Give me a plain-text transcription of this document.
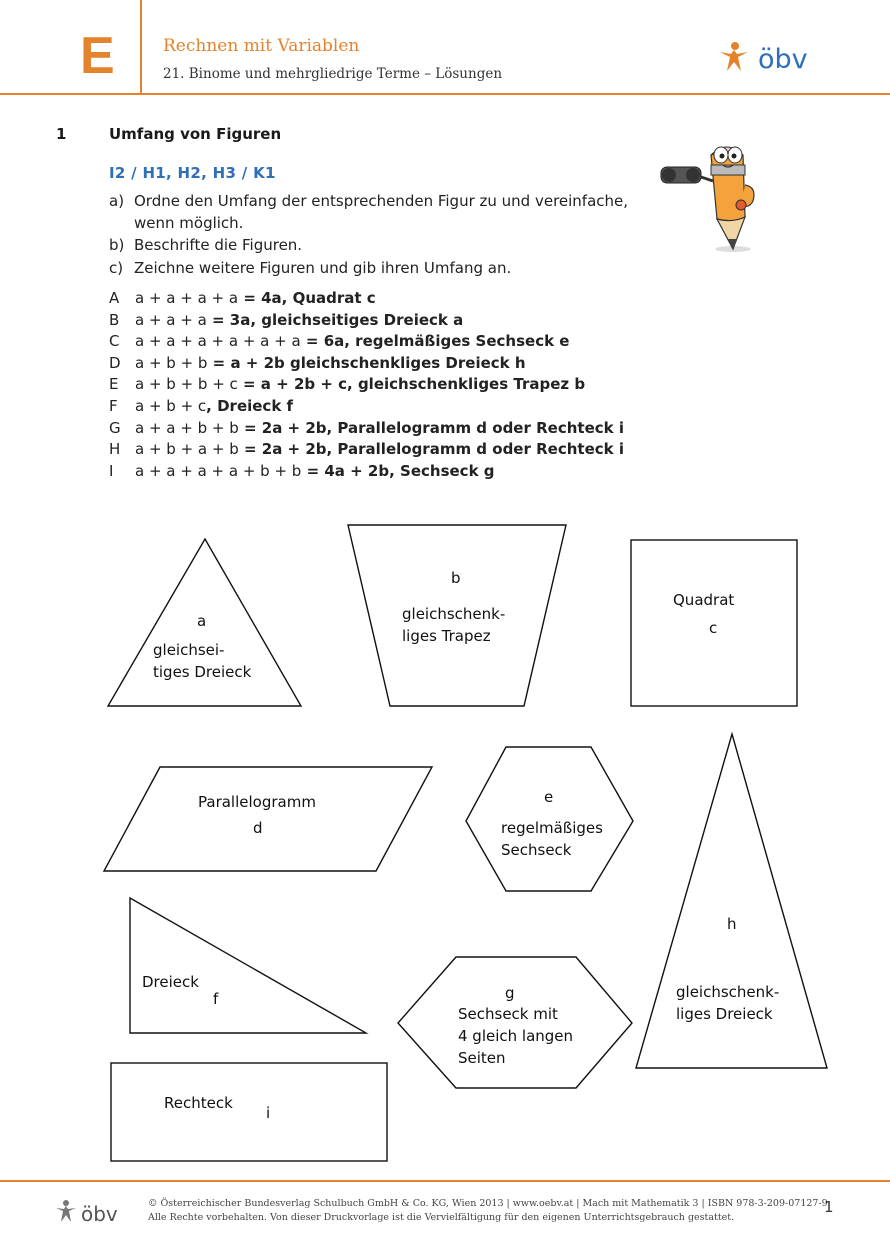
E	Rechnen mit Variablen
21. Binome und mehrgliedrige Terme – Lösungen	öbv
1	Umfang von Figuren
I2 / H1, H2, H3 / K1
a) Ordne den Umfang der entsprechenden Figur zu und vereinfache,
wenn möglich.
b) Beschrifte die Figuren.
c) Zeichne weitere Figuren und gib ihren Umfang an.
A a + a + a + a = 4a, Quadrat c
B a + a + a = 3a, gleichseitiges Dreieck a
C a + a + a + a + a + a = 6a, regelmäßiges Sechseck e
D a + b + b = a + 2b gleichschenkliges Dreieck h
E a + b + b + c = a + 2b + c, gleichschenkliges Trapez b
F a + b + c, Dreieck f
G a + a + b + b = 2a + 2b, Parallelogramm d oder Rechteck i
H a + b + a + b = 2a + 2b, Parallelogramm d oder Rechteck i
I a + a + a + a + b + b = 4a + 2b, Sechseck g
a
gleichsei-
tiges Dreieck
b
gleichschenk-
liges Trapez
Quadrat
c
Parallelogramm
d
e
regelmäßiges
Sechseck
Dreieck
f	g
Sechseck mit
4 gleich langen
Seiten
h
gleichschenk-
liges Dreieck
Rechteck
i
öbv	© Österreichischer Bundesverlag Schulbuch GmbH & Co. KG, Wien 2013 | www.oebv.at | Mach mit Mathematik 3 | ISBN 978-3-209-07127-9
Alle Rechte vorbehalten. Von dieser Druckvorlage ist die Vervielfältigung für den eigenen Unterrichtsgebrauch gestattet.
1
